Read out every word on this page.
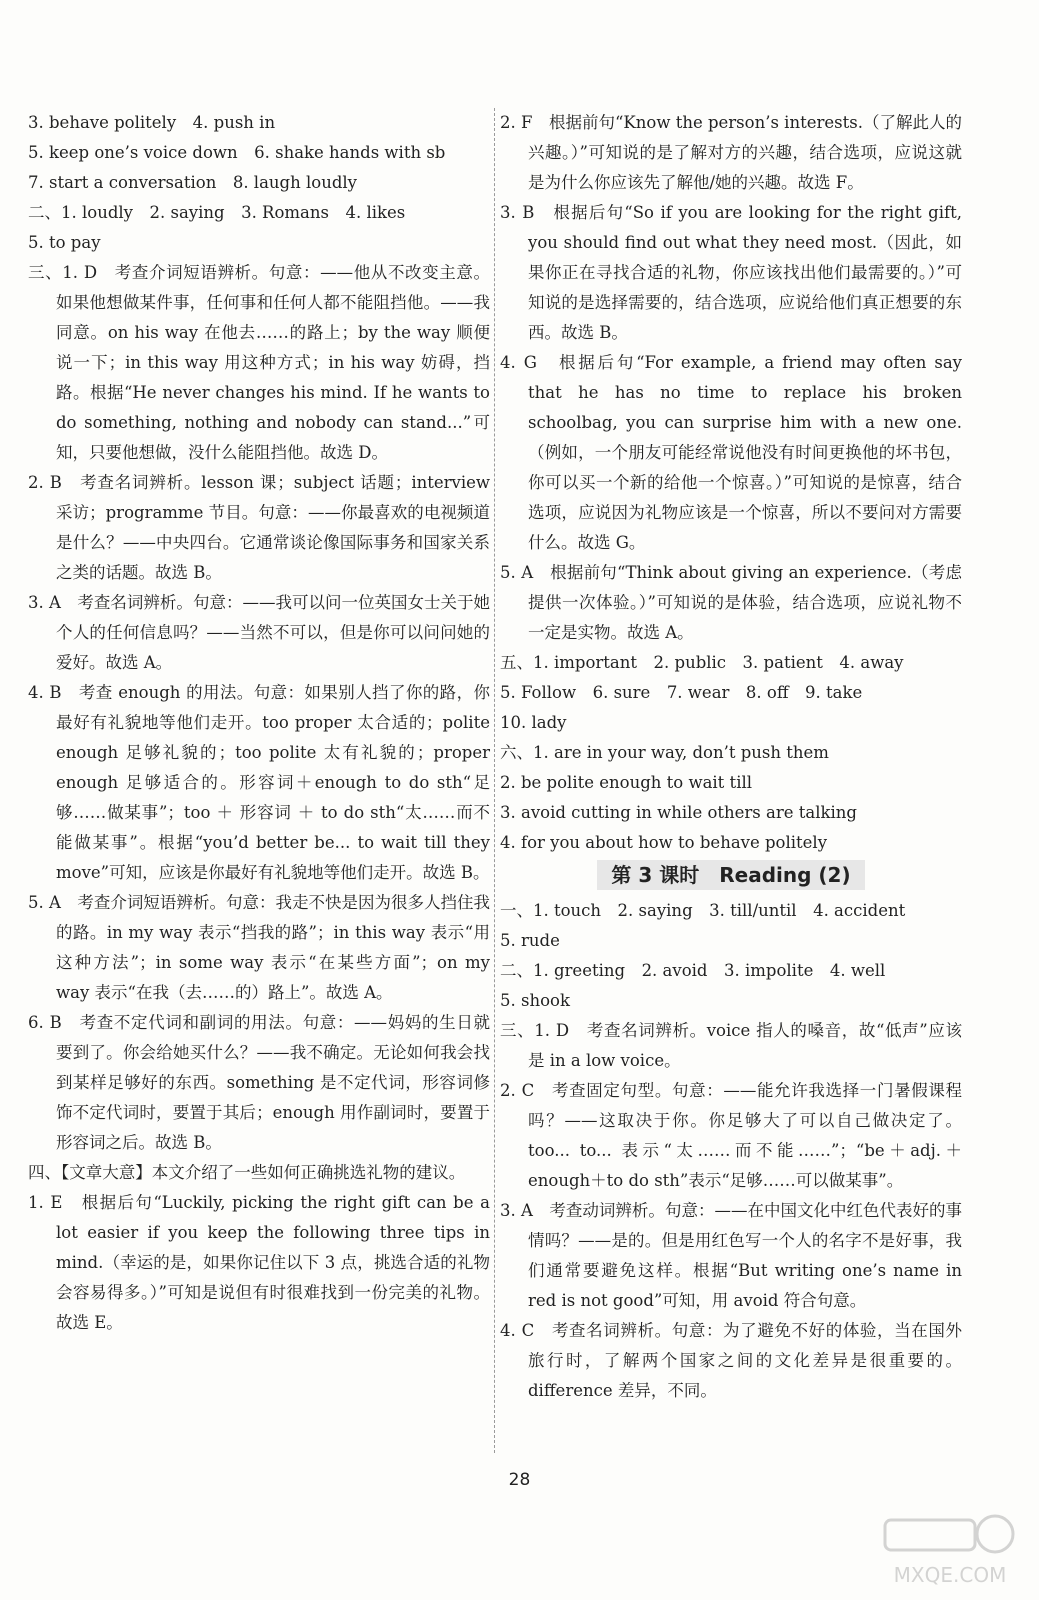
3. behave politely　4. push in
5. keep one’s voice down　6. shake hands with sb
7. start a conversation　8. laugh loudly
二、1. loudly　2. saying　3. Romans　4. likes
5. to pay
三、1. D　考查介词短语辨析。句意：——他从不改变主意。如果他想做某件事，任何事和任何人都不能阻挡他。——我同意。on his way 在他去……的路上；by the way 顺便说一下；in this way 用这种方式；in his way 妨碍，挡路。根据“He never changes his mind. If he wants to do something, nothing and nobody can stand...”可知，只要他想做，没什么能阻挡他。故选 D。
2. B　考查名词辨析。lesson 课；subject 话题；interview 采访；programme 节目。句意：——你最喜欢的电视频道是什么？——中央四台。它通常谈论像国际事务和国家关系之类的话题。故选 B。
3. A　考查名词辨析。句意：——我可以问一位英国女士关于她个人的任何信息吗？——当然不可以，但是你可以问问她的爱好。故选 A。
4. B　考查 enough 的用法。句意：如果别人挡了你的路，你最好有礼貌地等他们走开。too proper 太合适的；polite enough 足够礼貌的；too polite 太有礼貌的；proper enough 足够适合的。形容词＋enough to do sth“足够……做某事”；too ＋ 形容词 ＋ to do sth“太……而不能做某事”。根据“you’d better be... to wait till they move”可知，应该是你最好有礼貌地等他们走开。故选 B。
5. A　考查介词短语辨析。句意：我走不快是因为很多人挡住我的路。in my way 表示“挡我的路”；in this way 表示“用这种方法”；in some way 表示“在某些方面”；on my way 表示“在我（去……的）路上”。故选 A。
6. B　考查不定代词和副词的用法。句意：——妈妈的生日就要到了。你会给她买什么？——我不确定。无论如何我会找到某样足够好的东西。something 是不定代词，形容词修饰不定代词时，要置于其后；enough 用作副词时，要置于形容词之后。故选 B。
四、【文章大意】本文介绍了一些如何正确挑选礼物的建议。
1. E　根据后句“Luckily, picking the right gift can be a lot easier if you keep the following three tips in mind.（幸运的是，如果你记住以下 3 点，挑选合适的礼物会容易得多。）”可知是说但有时很难找到一份完美的礼物。故选 E。
2. F　根据前句“Know the person’s interests.（了解此人的兴趣。）”可知说的是了解对方的兴趣，结合选项，应说这就是为什么你应该先了解他/她的兴趣。故选 F。
3. B　根据后句“So if you are looking for the right gift, you should find out what they need most.（因此，如果你正在寻找合适的礼物，你应该找出他们最需要的。）”可知说的是选择需要的，结合选项，应说给他们真正想要的东西。故选 B。
4. G　根据后句“For example, a friend may often say that he has no time to replace his broken schoolbag, you can surprise him with a new one.（例如，一个朋友可能经常说他没有时间更换他的坏书包，你可以买一个新的给他一个惊喜。）”可知说的是惊喜，结合选项，应说因为礼物应该是一个惊喜，所以不要问对方需要什么。故选 G。
5. A　根据前句“Think about giving an experience.（考虑提供一次体验。）”可知说的是体验，结合选项，应说礼物不一定是实物。故选 A。
五、1. important　2. public　3. patient　4. away
5. Follow　6. sure　7. wear　8. off　9. take
10. lady
六、1. are in your way, don’t push them
2. be polite enough to wait till
3. avoid cutting in while others are talking
4. for you about how to behave politely
第 3 课时　Reading (2)
一、1. touch　2. saying　3. till/until　4. accident
5. rude
二、1. greeting　2. avoid　3. impolite　4. well
5. shook
三、1. D　考查名词辨析。voice 指人的嗓音，故“低声”应该是 in a low voice。
2. C　考查固定句型。句意：——能允许我选择一门暑假课程吗？——这取决于你。你足够大了可以自己做决定了。too... to... 表示“太……而不能……”；“be＋adj.＋enough＋to do sth”表示“足够……可以做某事”。
3. A　考查动词辨析。句意：——在中国文化中红色代表好的事情吗？——是的。但是用红色写一个人的名字不是好事，我们通常要避免这样。根据“But writing one’s name in red is not good”可知，用 avoid 符合句意。
4. C　考查名词辨析。句意：为了避免不好的体验，当在国外旅行时，了解两个国家之间的文化差异是很重要的。difference 差异，不同。
28
MXQE.COM
